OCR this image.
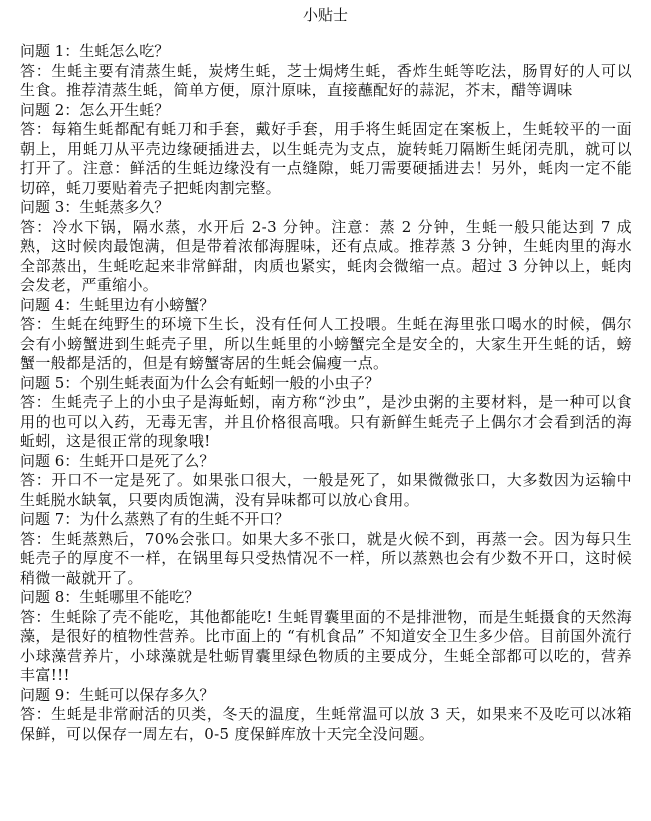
小贴士

问题 1：生蚝怎么吃？

答：生蚝主要有清蒸生蚝，炭烤生蚝，芝士焗烤生蚝，香炸生蚝等吃法，肠胃好的人可以生食。推荐清蒸生蚝，简单方便，原汁原味，直接蘸配好的蒜泥，芥末，醋等调味

问题 2：怎么开生蚝？

答：每箱生蚝都配有蚝刀和手套，戴好手套，用手将生蚝固定在案板上，生蚝较平的一面朝上，用蚝刀从平壳边缘硬插进去，以生蚝壳为支点，旋转蚝刀隔断生蚝闭壳肌，就可以打开了。注意：鲜活的生蚝边缘没有一点缝隙，蚝刀需要硬插进去！另外，蚝肉一定不能切碎，蚝刀要贴着壳子把蚝肉割完整。

问题 3：生蚝蒸多久？

答：冷水下锅，隔水蒸，水开后 2-3 分钟。注意：蒸 2 分钟，生蚝一般只能达到 7 成熟，这时候肉最饱满，但是带着浓郁海腥味，还有点咸。推荐蒸 3 分钟，生蚝肉里的海水全部蒸出，生蚝吃起来非常鲜甜，肉质也紧实，蚝肉会微缩一点。超过 3 分钟以上，蚝肉会发老，严重缩小。

问题 4：生蚝里边有小螃蟹？

答：生蚝在纯野生的环境下生长，没有任何人工投喂。生蚝在海里张口喝水的时候，偶尔会有小螃蟹进到生蚝壳子里，所以生蚝里的小螃蟹完全是安全的，大家生开生蚝的话，螃蟹一般都是活的，但是有螃蟹寄居的生蚝会偏瘦一点。

问题 5：个别生蚝表面为什么会有蚯蚓一般的小虫子？

答：生蚝壳子上的小虫子是海蚯蚓，南方称“沙虫”，是沙虫粥的主要材料，是一种可以食用的也可以入药，无毒无害，并且价格很高哦。只有新鲜生蚝壳子上偶尔才会看到活的海蚯蚓，这是很正常的现象哦!

问题 6：生蚝开口是死了么？

答：开口不一定是死了。如果张口很大，一般是死了，如果微微张口，大多数因为运输中生蚝脱水缺氧，只要肉质饱满，没有异味都可以放心食用。

问题 7：为什么蒸熟了有的生蚝不开口？

答：生蚝蒸熟后，70%会张口。如果大多不张口，就是火候不到，再蒸一会。因为每只生蚝壳子的厚度不一样，在锅里每只受热情况不一样，所以蒸熟也会有少数不开口，这时候稍微一敲就开了。

问题 8：生蚝哪里不能吃？

答：生蚝除了壳不能吃，其他都能吃! 生蚝胃囊里面的不是排泄物，而是生蚝摄食的天然海藻，是很好的植物性营养。比市面上的 “有机食品” 不知道安全卫生多少倍。目前国外流行小球藻营养片，小球藻就是牡蛎胃囊里绿色物质的主要成分，生蚝全部都可以吃的，营养丰富!!!

问题 9：生蚝可以保存多久？

答：生蚝是非常耐活的贝类，冬天的温度，生蚝常温可以放 3 天，如果来不及吃可以冰箱保鲜，可以保存一周左右，0-5 度保鲜库放十天完全没问题。
